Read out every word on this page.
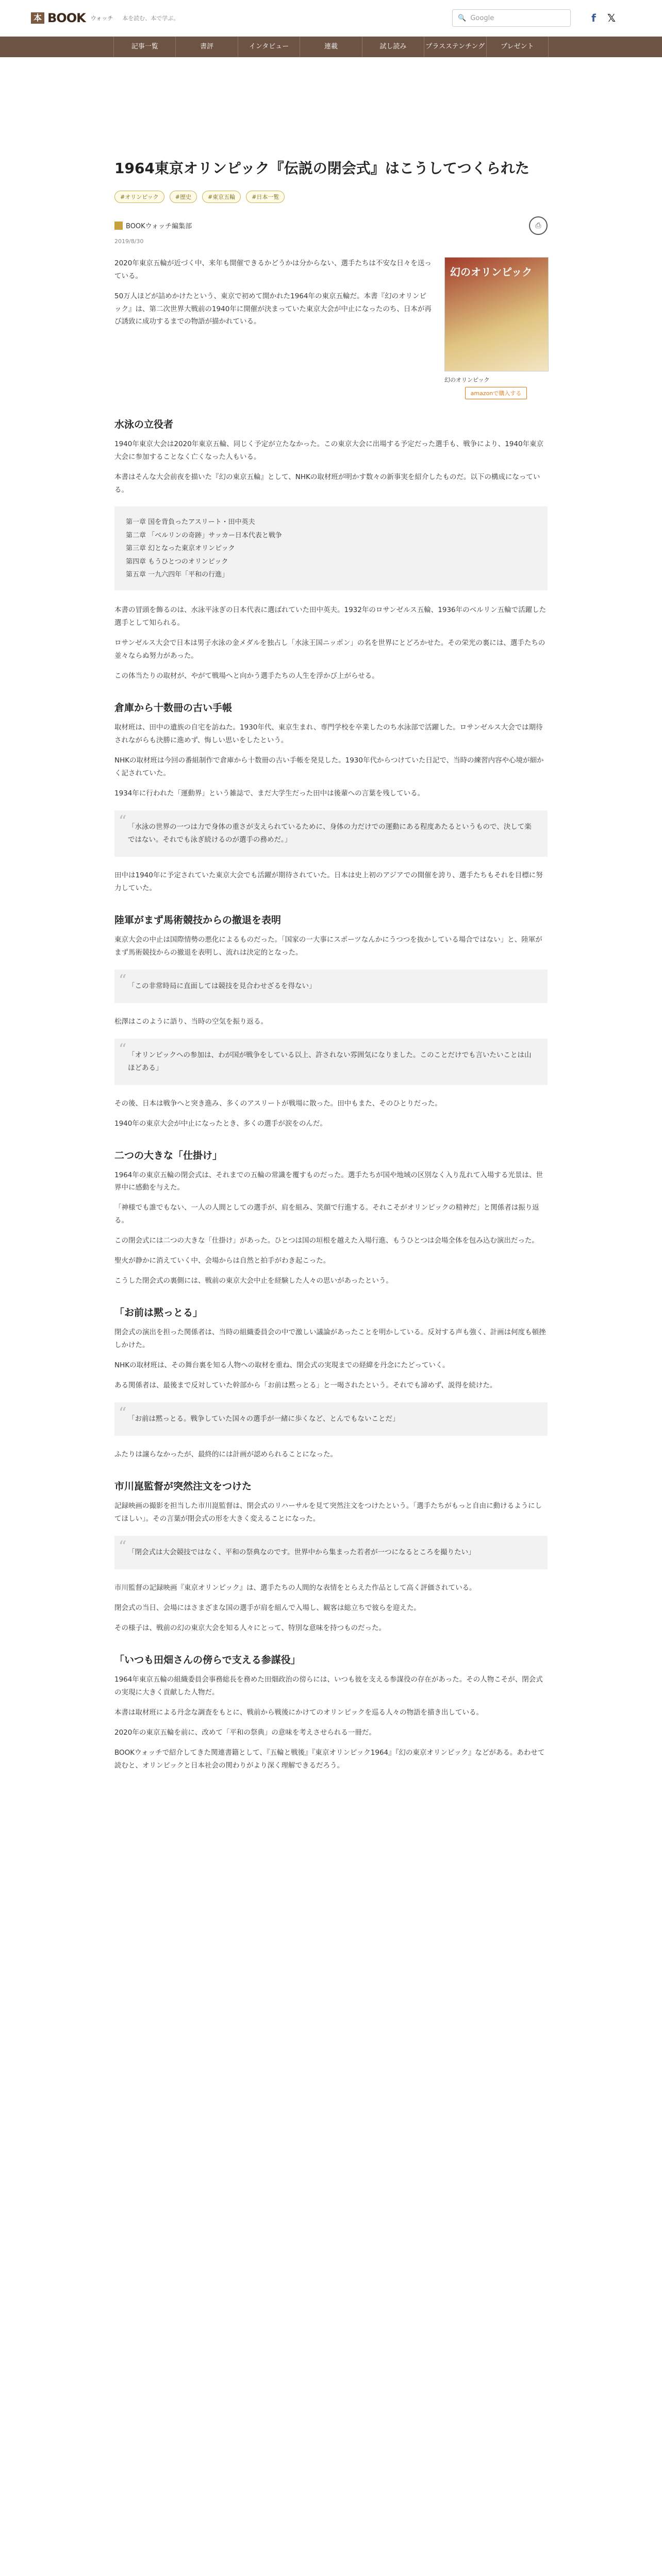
本 BOOK ウォッチ 本を読む、本で学ぶ。	🔍 Google	f 𝕏
記事一覧	書評	インタビュー	連載	試し読み	プラスステンチング	プレゼント
1964東京オリンピック『伝説の閉会式』はこうしてつくられた
#オリンピック	#歴史	#東京五輪	#日本一覧
BOOKウォッチ編集部	⎙
2019/8/30

2020年東京五輪が近づく中、来年も開催できるかどうかは分からない、選手たちは不安な日々を送っている。

50万人ほどが詰めかけたという、東京で初めて開かれた1964年の東京五輪だ。本書『幻のオリンピック』は、第二次世界大戦前の1940年に開催が決まっていた東京大会が中止になったのち、日本が再び誘致に成功するまでの物語が描かれている。

幻のオリンピック
幻のオリンピック
amazonで購入する
水泳の立役者

1940年東京大会は2020年東京五輪、同じく予定が立たなかった。この東京大会に出場する予定だった選手も、戦争により、1940年東京大会に参加することなく亡くなった人もいる。

本書はそんな大会前夜を描いた『幻の東京五輪』として、NHKの取材班が明かす数々の新事実を紹介したものだ。以下の構成になっている。

第一章 国を背負ったアスリート・田中英夫
第二章 「ベルリンの奇跡」サッカー日本代表と戦争
第三章 幻となった東京オリンピック
第四章 もうひとつのオリンピック
第五章 一九六四年「平和の行進」

本書の冒頭を飾るのは、水泳平泳ぎの日本代表に選ばれていた田中英夫。1932年のロサンゼルス五輪、1936年のベルリン五輪で活躍した選手として知られる。

ロサンゼルス大会で日本は男子水泳の金メダルを独占し「水泳王国ニッポン」の名を世界にとどろかせた。その栄光の裏には、選手たちの並々ならぬ努力があった。

この体当たりの取材が、やがて戦場へと向かう選手たちの人生を浮かび上がらせる。

倉庫から十数冊の古い手帳

取材班は、田中の遺族の自宅を訪ねた。1930年代、東京生まれ、専門学校を卒業したのち水泳部で活躍した。ロサンゼルス大会では期待されながらも決勝に進めず、悔しい思いをしたという。

NHKの取材班は今回の番組制作で倉庫から十数冊の古い手帳を発見した。1930年代からつけていた日記で、当時の練習内容や心境が細かく記されていた。

1934年に行われた「運動界」という雑誌で、まだ大学生だった田中は後輩への言葉を残している。

“ 「水泳の世界の一つは力で身体の重さが支えられているために、身体の力だけでの運動にある程度あたるというもので、決して楽ではない。それでも泳ぎ続けるのが選手の務めだ。」

田中は1940年に予定されていた東京大会でも活躍が期待されていた。日本は史上初のアジアでの開催を誇り、選手たちもそれを目標に努力していた。

陸軍がまず馬術競技からの撤退を表明

東京大会の中止は国際情勢の悪化によるものだった。「国家の一大事にスポーツなんかにうつつを抜かしている場合ではない」と、陸軍がまず馬術競技からの撤退を表明し、流れは決定的となった。

“ 「この非常時局に直面しては競技を見合わせざるを得ない」

松澤はこのように語り、当時の空気を振り返る。

“ 「オリンピックへの参加は、わが国が戦争をしている以上、許されない雰囲気になりました。このことだけでも言いたいことは山ほどある」

その後、日本は戦争へと突き進み、多くのアスリートが戦場に散った。田中もまた、そのひとりだった。

1940年の東京大会が中止になったとき、多くの選手が涙をのんだ。

二つの大きな「仕掛け」

1964年の東京五輪の閉会式は、それまでの五輪の常識を覆すものだった。選手たちが国や地域の区別なく入り乱れて入場する光景は、世界中に感動を与えた。

「神様でも誰でもない、一人の人間としての選手が、肩を組み、笑顔で行進する。それこそがオリンピックの精神だ」と関係者は振り返る。

この閉会式には二つの大きな「仕掛け」があった。ひとつは国の垣根を越えた入場行進、もうひとつは会場全体を包み込む演出だった。

聖火が静かに消えていく中、会場からは自然と拍手がわき起こった。

こうした閉会式の裏側には、戦前の東京大会中止を経験した人々の思いがあったという。

「お前は黙っとる」

閉会式の演出を担った関係者は、当時の組織委員会の中で激しい議論があったことを明かしている。反対する声も強く、計画は何度も頓挫しかけた。

NHKの取材班は、その舞台裏を知る人物への取材を重ね、閉会式の実現までの経緯を丹念にたどっていく。

ある関係者は、最後まで反対していた幹部から「お前は黙っとる」と一喝されたという。それでも諦めず、説得を続けた。

“ 「お前は黙っとる。戦争していた国々の選手が一緒に歩くなど、とんでもないことだ」

ふたりは譲らなかったが、最終的には計画が認められることになった。

市川崑監督が突然注文をつけた

記録映画の撮影を担当した市川崑監督は、閉会式のリハーサルを見て突然注文をつけたという。「選手たちがもっと自由に動けるようにしてほしい」。その言葉が閉会式の形を大きく変えることになった。

“ 「閉会式は大会競技ではなく、平和の祭典なのです。世界中から集まった若者が一つになるところを撮りたい」

市川監督の記録映画『東京オリンピック』は、選手たちの人間的な表情をとらえた作品として高く評価されている。

閉会式の当日、会場にはさまざまな国の選手が肩を組んで入場し、観客は総立ちで彼らを迎えた。

その様子は、戦前の幻の東京大会を知る人々にとって、特別な意味を持つものだった。

「いつも田畑さんの傍らで支える参謀役」

1964年東京五輪の組織委員会事務総長を務めた田畑政治の傍らには、いつも彼を支える参謀役の存在があった。その人物こそが、閉会式の実現に大きく貢献した人物だ。

本書は取材班による丹念な調査をもとに、戦前から戦後にかけてのオリンピックを巡る人々の物語を描き出している。

2020年の東京五輪を前に、改めて「平和の祭典」の意味を考えさせられる一冊だ。

BOOKウォッチで紹介してきた関連書籍として、『五輪と戦後』『東京オリンピック1964』『幻の東京オリンピック』などがある。あわせて読むと、オリンピックと日本社会の関わりがより深く理解できるだろう。
